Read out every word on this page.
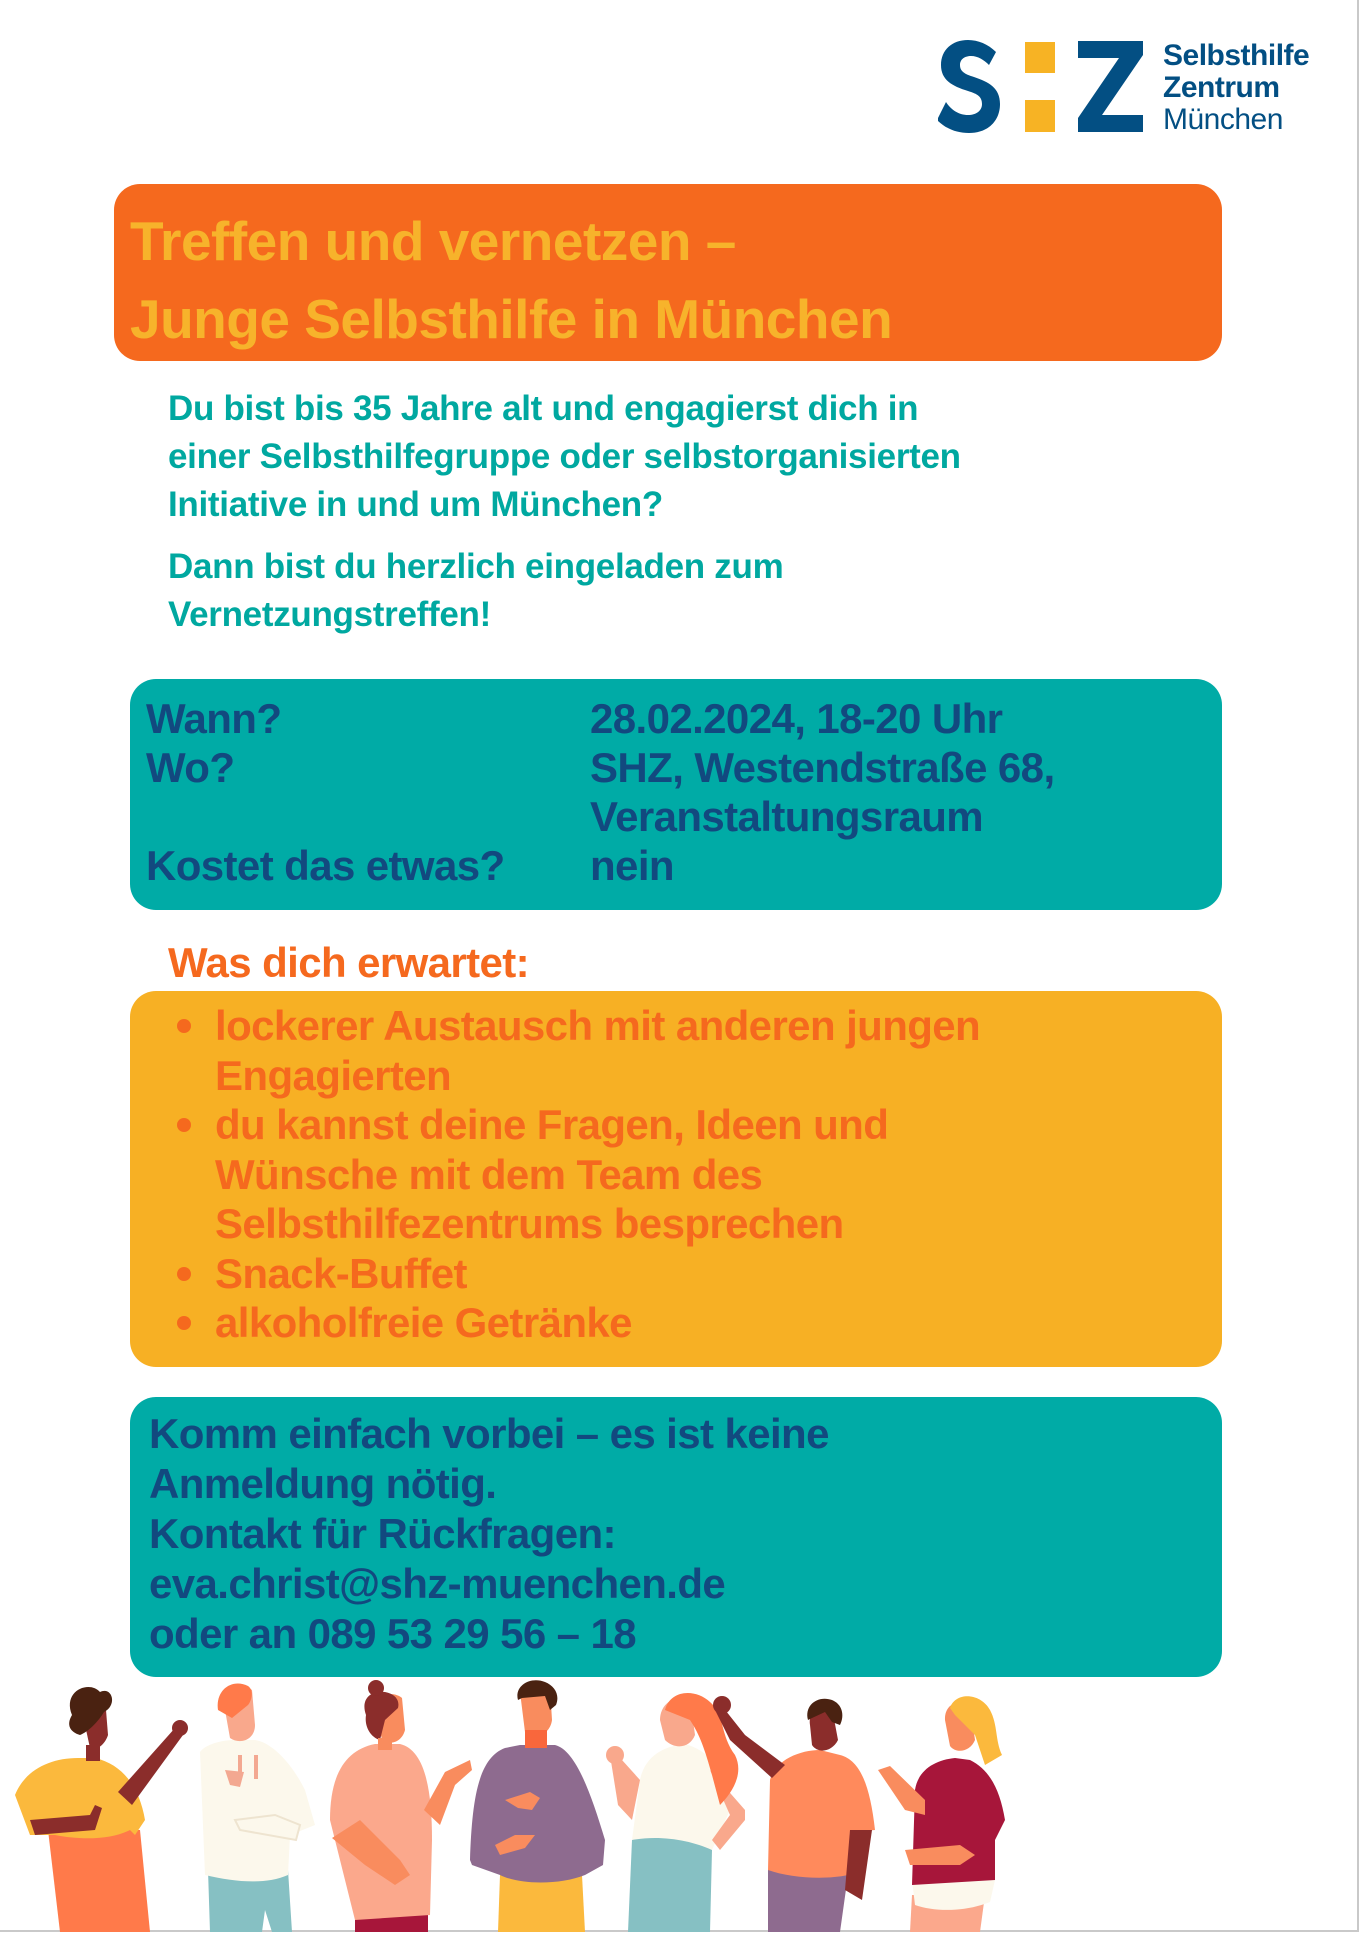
Selbsthilfe
Zentrum
München
Treffen und vernetzen –
Junge Selbsthilfe in München
Du bist bis 35 Jahre alt und engagierst dich in
einer Selbsthilfegruppe oder selbstorganisierten
Initiative in und um München?
Dann bist du herzlich eingeladen zum
Vernetzungstreffen!
Wann?	28.02.2024, 18-20 Uhr
Wo?	SHZ, Westendstraße 68,
Veranstaltungsraum
Kostet das etwas?	nein
Was dich erwartet:
lockerer Austausch mit anderen jungen
Engagierten
du kannst deine Fragen, Ideen und
Wünsche mit dem Team des
Selbsthilfezentrums besprechen
Snack-Buffet
alkoholfreie Getränke
Komm einfach vorbei – es ist keine
Anmeldung nötig.
Kontakt für Rückfragen:
eva.christ@shz-muenchen.de
oder an 089 53 29 56 – 18
